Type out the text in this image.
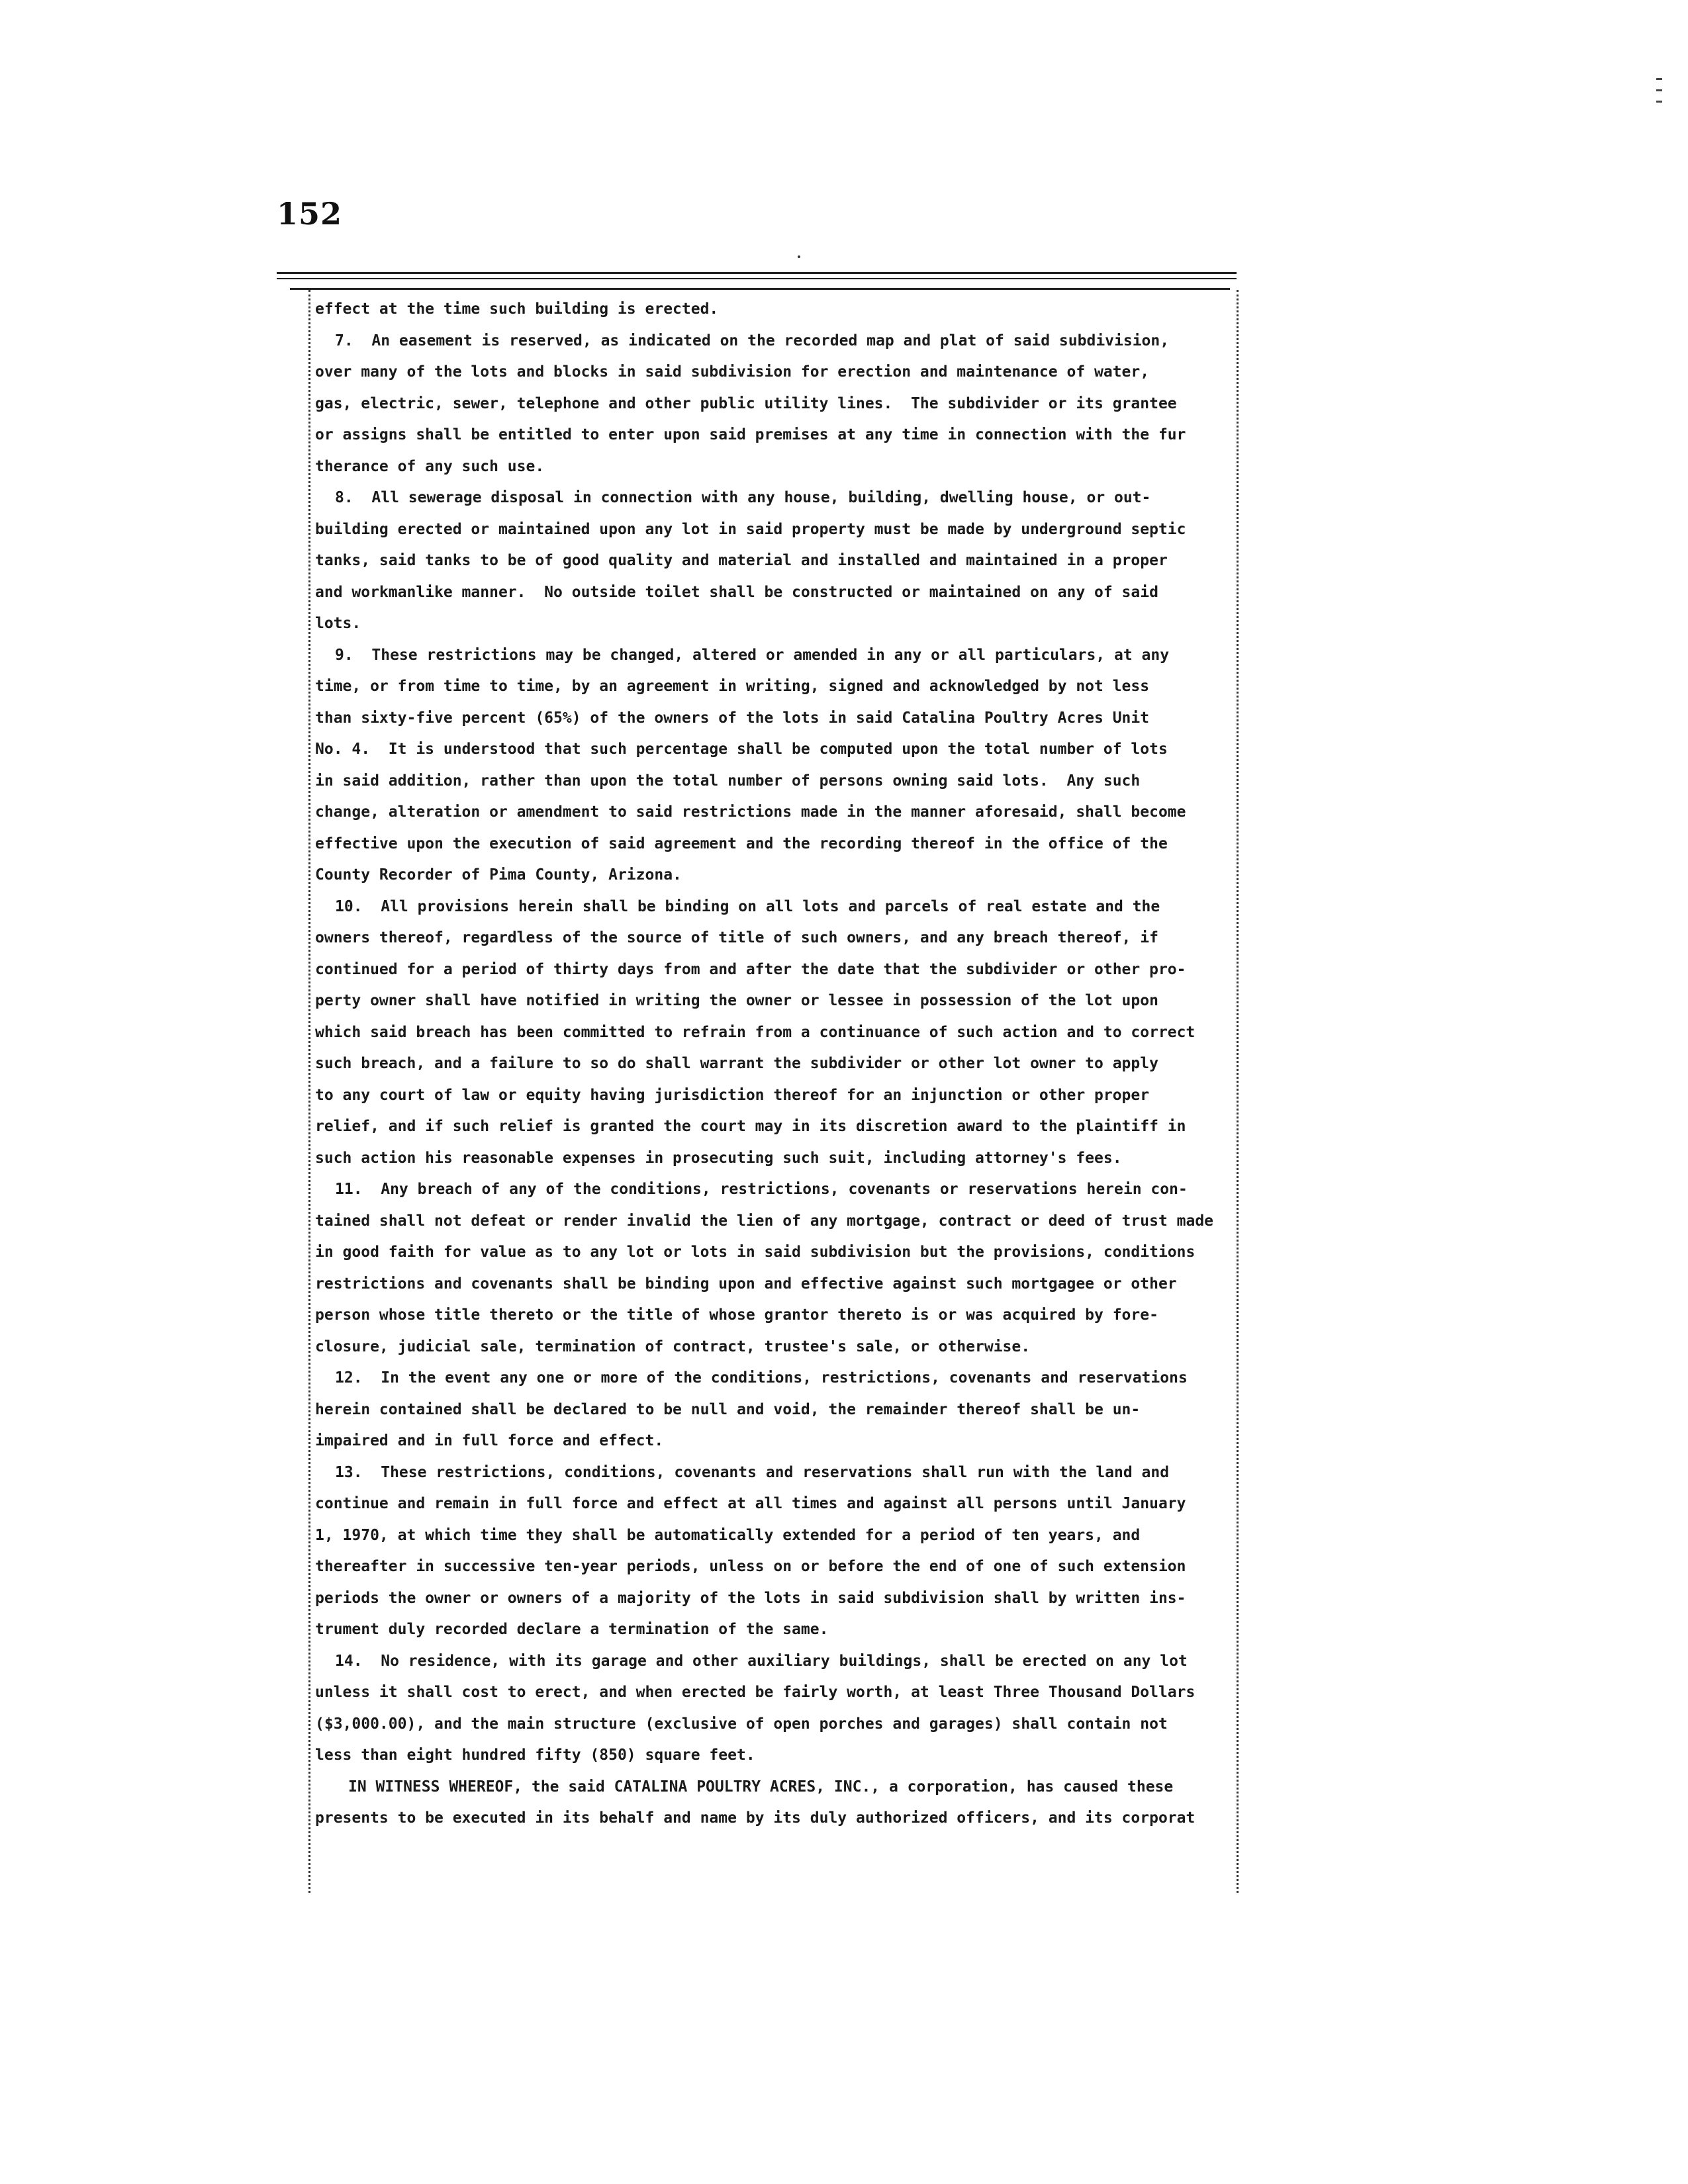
152
effect at the time such building is erected.
7.  An easement is reserved, as indicated on the recorded map and plat of said subdivision,
over many of the lots and blocks in said subdivision for erection and maintenance of water,
gas, electric, sewer, telephone and other public utility lines.  The subdivider or its grantee
or assigns shall be entitled to enter upon said premises at any time in connection with the fur
therance of any such use.
8.  All sewerage disposal in connection with any house, building, dwelling house, or out-
building erected or maintained upon any lot in said property must be made by underground septic
tanks, said tanks to be of good quality and material and installed and maintained in a proper
and workmanlike manner.  No outside toilet shall be constructed or maintained on any of said
lots.
9.  These restrictions may be changed, altered or amended in any or all particulars, at any
time, or from time to time, by an agreement in writing, signed and acknowledged by not less
than sixty-five percent (65%) of the owners of the lots in said Catalina Poultry Acres Unit
No. 4.  It is understood that such percentage shall be computed upon the total number of lots
in said addition, rather than upon the total number of persons owning said lots.  Any such
change, alteration or amendment to said restrictions made in the manner aforesaid, shall become
effective upon the execution of said agreement and the recording thereof in the office of the
County Recorder of Pima County, Arizona.
10.  All provisions herein shall be binding on all lots and parcels of real estate and the
owners thereof, regardless of the source of title of such owners, and any breach thereof, if
continued for a period of thirty days from and after the date that the subdivider or other pro-
perty owner shall have notified in writing the owner or lessee in possession of the lot upon
which said breach has been committed to refrain from a continuance of such action and to correct
such breach, and a failure to so do shall warrant the subdivider or other lot owner to apply
to any court of law or equity having jurisdiction thereof for an injunction or other proper
relief, and if such relief is granted the court may in its discretion award to the plaintiff in
such action his reasonable expenses in prosecuting such suit, including attorney's fees.
11.  Any breach of any of the conditions, restrictions, covenants or reservations herein con-
tained shall not defeat or render invalid the lien of any mortgage, contract or deed of trust made
in good faith for value as to any lot or lots in said subdivision but the provisions, conditions
restrictions and covenants shall be binding upon and effective against such mortgagee or other
person whose title thereto or the title of whose grantor thereto is or was acquired by fore-
closure, judicial sale, termination of contract, trustee's sale, or otherwise.
12.  In the event any one or more of the conditions, restrictions, covenants and reservations
herein contained shall be declared to be null and void, the remainder thereof shall be un-
impaired and in full force and effect.
13.  These restrictions, conditions, covenants and reservations shall run with the land and
continue and remain in full force and effect at all times and against all persons until January
1, 1970, at which time they shall be automatically extended for a period of ten years, and
thereafter in successive ten-year periods, unless on or before the end of one of such extension
periods the owner or owners of a majority of the lots in said subdivision shall by written ins-
trument duly recorded declare a termination of the same.
14.  No residence, with its garage and other auxiliary buildings, shall be erected on any lot
unless it shall cost to erect, and when erected be fairly worth, at least Three Thousand Dollars
($3,000.00), and the main structure (exclusive of open porches and garages) shall contain not
less than eight hundred fifty (850) square feet.
IN WITNESS WHEREOF, the said CATALINA POULTRY ACRES, INC., a corporation, has caused these
presents to be executed in its behalf and name by its duly authorized officers, and its corporat
